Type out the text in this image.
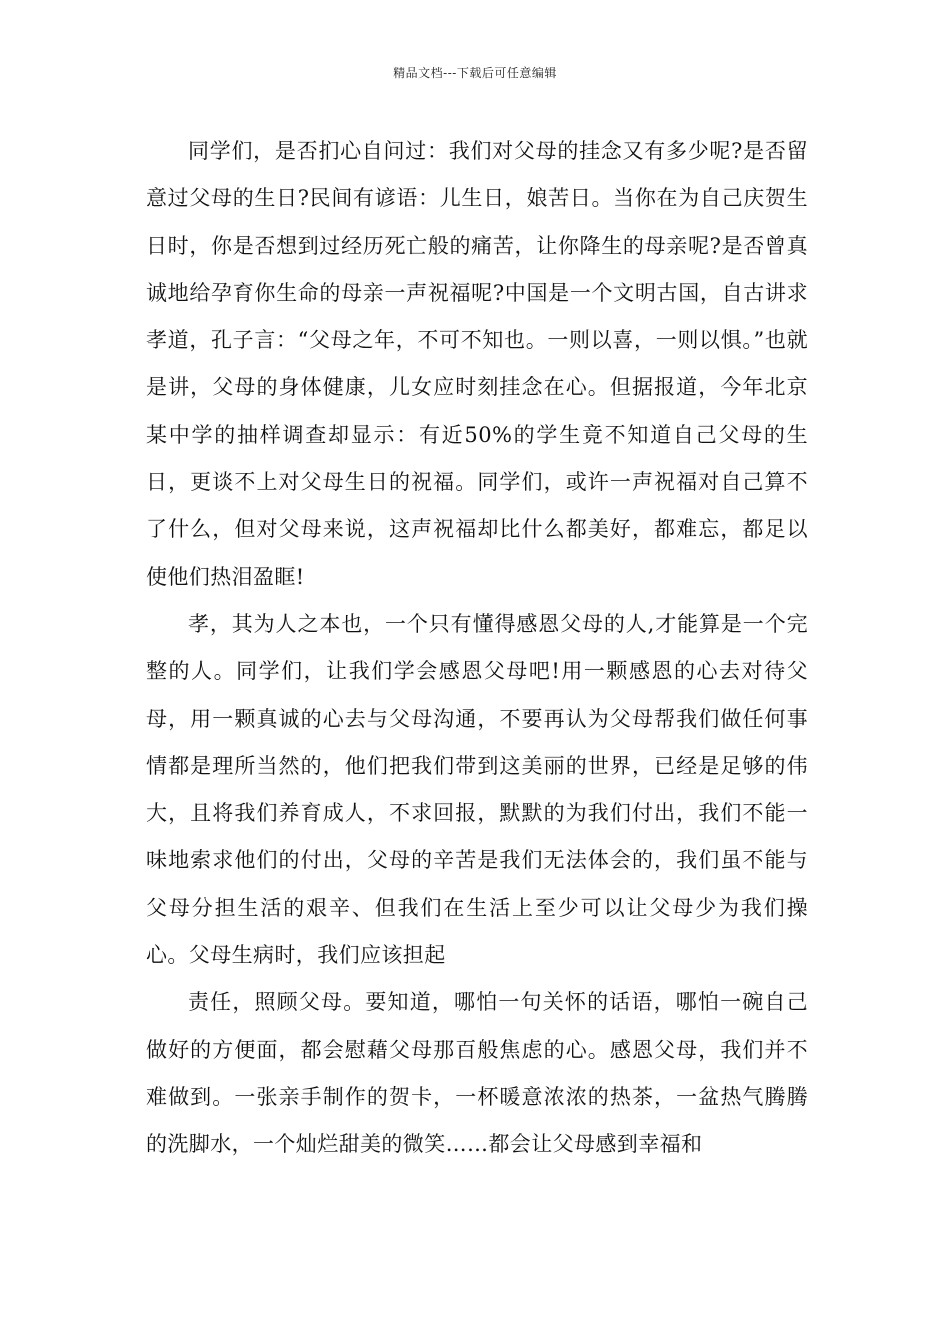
精品文档---下载后可任意编辑

同学们，是否扪心自问过：我们对父母的挂念又有多少呢?是否留意过父母的生日?民间有谚语：儿生日，娘苦日。当你在为自己庆贺生日时，你是否想到过经历死亡般的痛苦，让你降生的母亲呢?是否曾真诚地给孕育你生命的母亲一声祝福呢?中国是一个文明古国，自古讲求孝道，孔子言：“父母之年，不可不知也。一则以喜，一则以惧。”也就是讲，父母的身体健康，儿女应时刻挂念在心。但据报道，今年北京某中学的抽样调查却显示：有近50%的学生竟不知道自己父母的生日，更谈不上对父母生日的祝福。同学们，或许一声祝福对自己算不了什么，但对父母来说，这声祝福却比什么都美好，都难忘，都足以使他们热泪盈眶!

孝，其为人之本也，一个只有懂得感恩父母的人,才能算是一个完整的人。同学们，让我们学会感恩父母吧!用一颗感恩的心去对待父母，用一颗真诚的心去与父母沟通，不要再认为父母帮我们做任何事情都是理所当然的，他们把我们带到这美丽的世界，已经是足够的伟大，且将我们养育成人，不求回报，默默的为我们付出，我们不能一味地索求他们的付出，父母的辛苦是我们无法体会的，我们虽不能与父母分担生活的艰辛、但我们在生活上至少可以让父母少为我们操心。父母生病时，我们应该担起

责任，照顾父母。要知道，哪怕一句关怀的话语，哪怕一碗自己做好的方便面，都会慰藉父母那百般焦虑的心。感恩父母，我们并不难做到。一张亲手制作的贺卡，一杯暖意浓浓的热茶，一盆热气腾腾的洗脚水，一个灿烂甜美的微笑……都会让父母感到幸福和
